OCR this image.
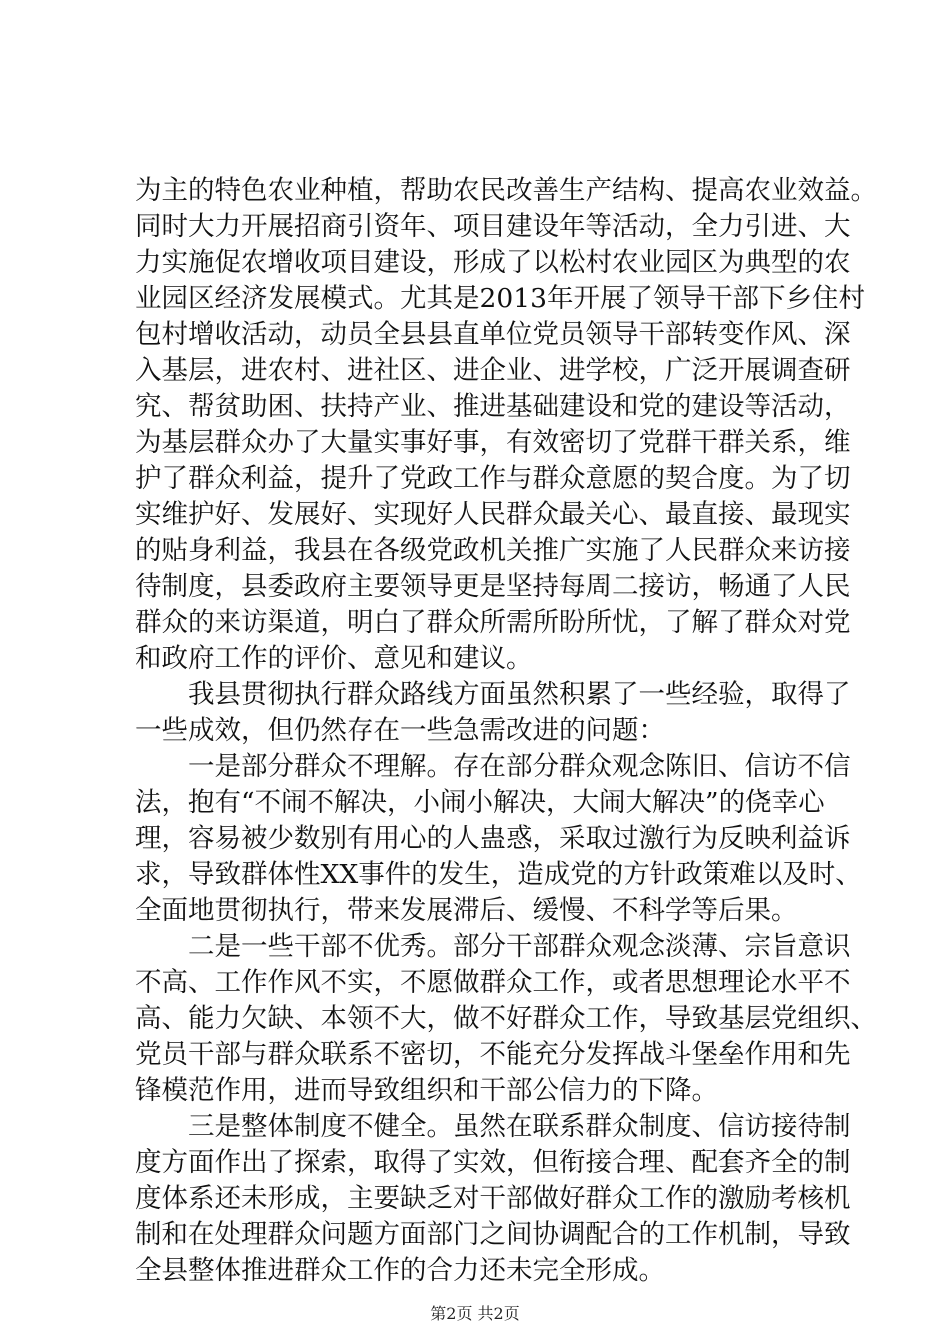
为主的特色农业种植，帮助农民改善生产结构、提高农业效益。
同时大力开展招商引资年、项目建设年等活动，全力引进、大
力实施促农增收项目建设，形成了以松村农业园区为典型的农
业园区经济发展模式。尤其是2013年开展了领导干部下乡住村
包村增收活动，动员全县县直单位党员领导干部转变作风、深
入基层，进农村、进社区、进企业、进学校，广泛开展调查研
究、帮贫助困、扶持产业、推进基础建设和党的建设等活动，
为基层群众办了大量实事好事，有效密切了党群干群关系，维
护了群众利益，提升了党政工作与群众意愿的契合度。为了切
实维护好、发展好、实现好人民群众最关心、最直接、最现实
的贴身利益，我县在各级党政机关推广实施了人民群众来访接
待制度，县委政府主要领导更是坚持每周二接访，畅通了人民
群众的来访渠道，明白了群众所需所盼所忧，了解了群众对党
和政府工作的评价、意见和建议。
　　我县贯彻执行群众路线方面虽然积累了一些经验，取得了
一些成效，但仍然存在一些急需改进的问题：
　　一是部分群众不理解。存在部分群众观念陈旧、信访不信
法，抱有“不闹不解决，小闹小解决，大闹大解决”的侥幸心
理，容易被少数别有用心的人蛊惑，采取过激行为反映利益诉
求，导致群体性XX事件的发生，造成党的方针政策难以及时、
全面地贯彻执行，带来发展滞后、缓慢、不科学等后果。
　　二是一些干部不优秀。部分干部群众观念淡薄、宗旨意识
不高、工作作风不实，不愿做群众工作，或者思想理论水平不
高、能力欠缺、本领不大，做不好群众工作，导致基层党组织、
党员干部与群众联系不密切，不能充分发挥战斗堡垒作用和先
锋模范作用，进而导致组织和干部公信力的下降。
　　三是整体制度不健全。虽然在联系群众制度、信访接待制
度方面作出了探索，取得了实效，但衔接合理、配套齐全的制
度体系还未形成，主要缺乏对干部做好群众工作的激励考核机
制和在处理群众问题方面部门之间协调配合的工作机制，导致
全县整体推进群众工作的合力还未完全形成。
第2页 共2页
